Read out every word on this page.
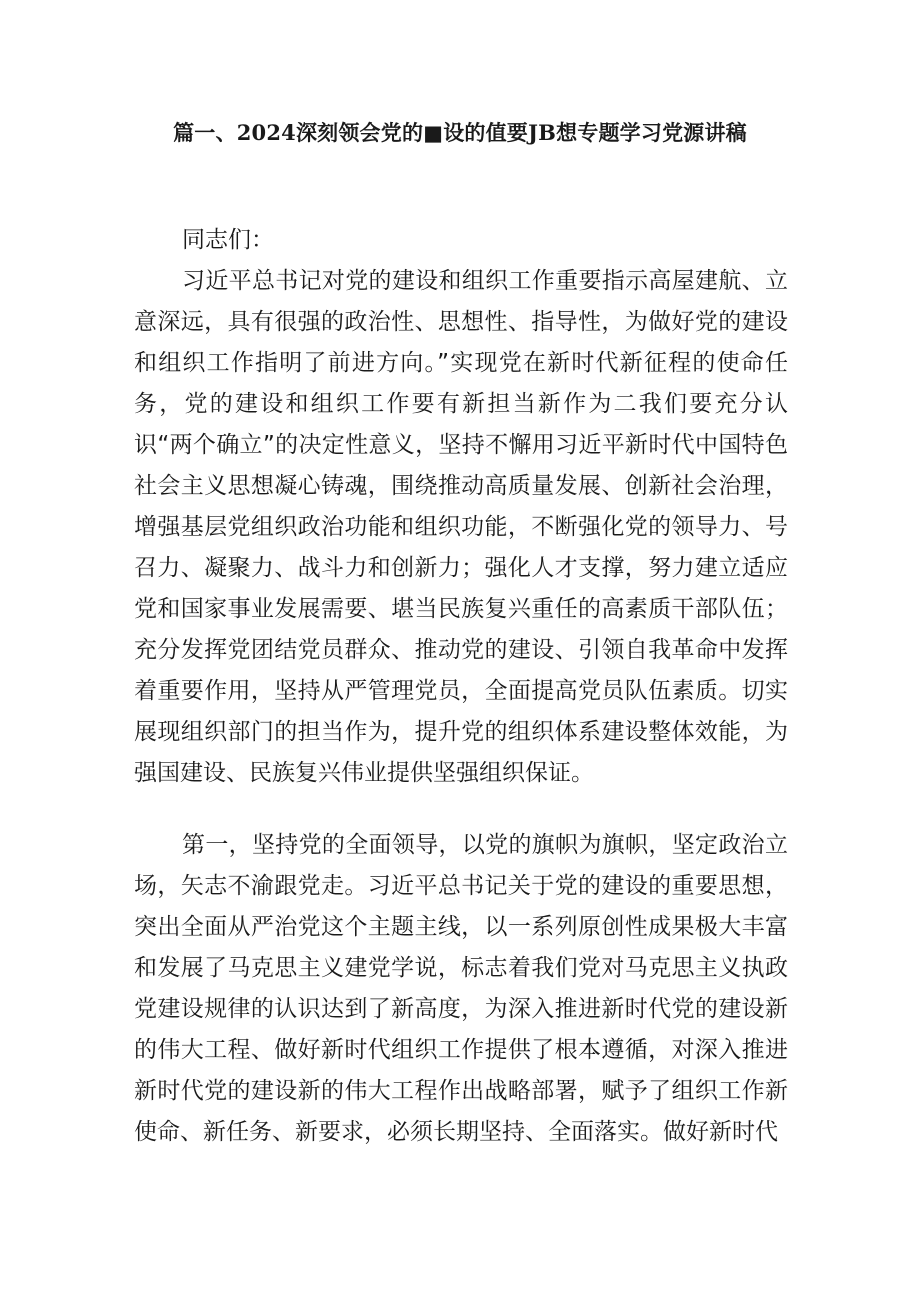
篇一、2024深刻领会党的■设的值要JB想专题学习党源讲稿
同志们：

习近平总书记对党的建设和组织工作重要指示高屋建航、立意深远，具有很强的政治性、思想性、指导性，为做好党的建设和组织工作指明了前进方向。”实现党在新时代新征程的使命任务，党的建设和组织工作要有新担当新作为二我们要充分认识“两个确立”的决定性意义，坚持不懈用习近平新时代中国特色社会主义思想凝心铸魂，围绕推动高质量发展、创新社会治理，增强基层党组织政治功能和组织功能，不断强化党的领导力、号召力、凝聚力、战斗力和创新力；强化人才支撑，努力建立适应党和国家事业发展需要、堪当民族复兴重任的高素质干部队伍；充分发挥党团结党员群众、推动党的建设、引领自我革命中发挥着重要作用，坚持从严管理党员，全面提高党员队伍素质。切实展现组织部门的担当作为，提升党的组织体系建设整体效能，为强国建设、民族复兴伟业提供坚强组织保证。

第一，坚持党的全面领导，以党的旗帜为旗帜，坚定政治立场，矢志不渝跟党走。习近平总书记关于党的建设的重要思想，突出全面从严治党这个主题主线，以一系列原创性成果极大丰富和发展了马克思主义建党学说，标志着我们党对马克思主义执政党建设规律的认识达到了新高度，为深入推进新时代党的建设新的伟大工程、做好新时代组织工作提供了根本遵循，对深入推进新时代党的建设新的伟大工程作出战略部署，赋予了组织工作新使命、新任务、新要求，必须长期坚持、全面落实。做好新时代
